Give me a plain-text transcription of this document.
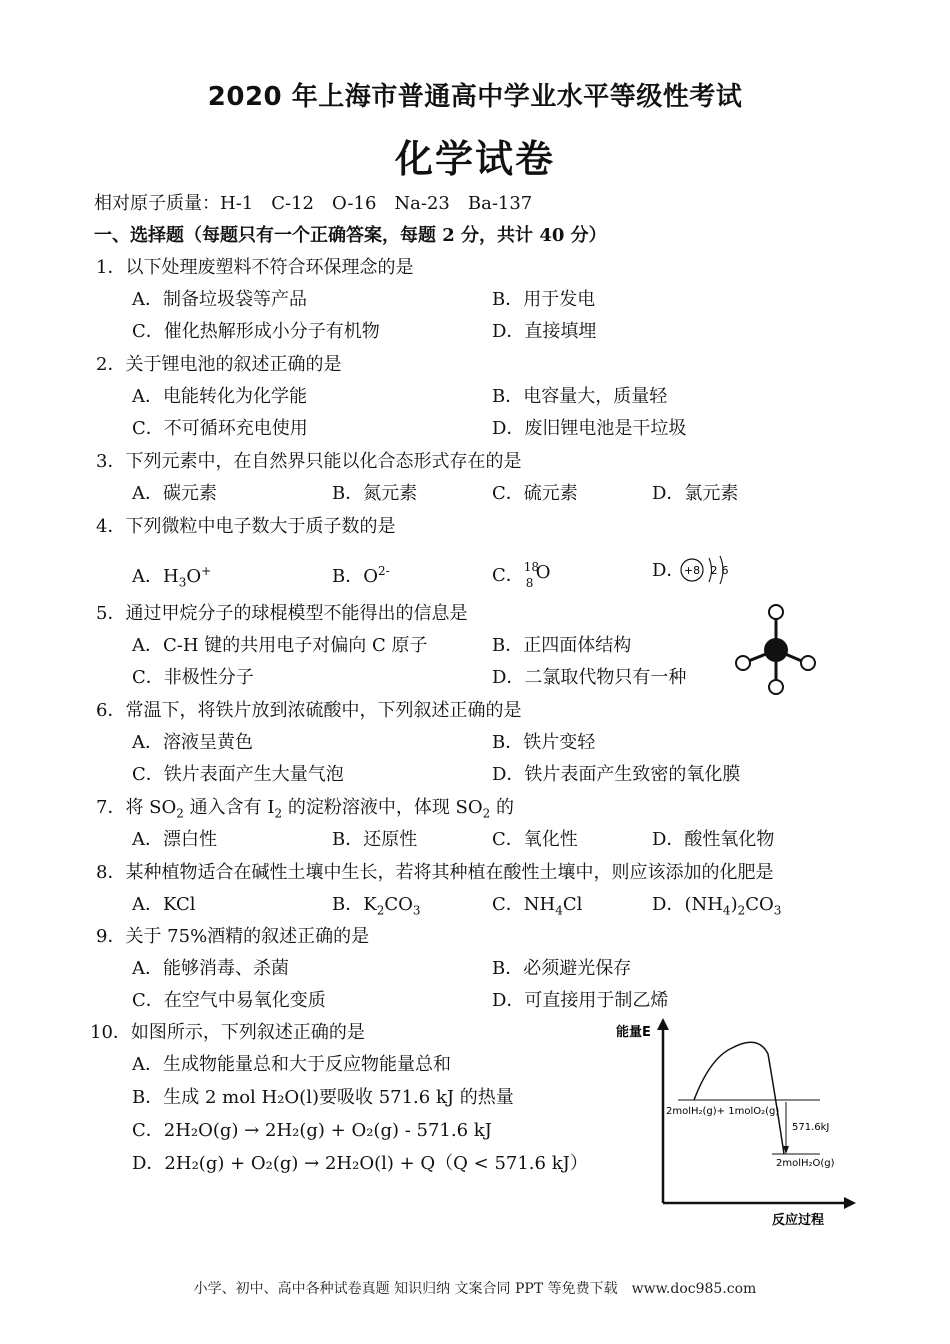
2020 年上海市普通高中学业水平等级性考试
化学试卷
相对原子质量：H-1　C-12　O-16　Na-23　Ba-137
一、选择题（每题只有一个正确答案，每题 2 分，共计 40 分）
1．以下处理废塑料不符合环保理念的是
A．制备垃圾袋等产品	B．用于发电
C．催化热解形成小分子有机物	D．直接填埋
2．关于锂电池的叙述正确的是
A．电能转化为化学能	B．电容量大，质量轻
C．不可循环充电使用	D．废旧锂电池是干垃圾
3．下列元素中，在自然界只能以化合态形式存在的是
A．碳元素	B．氮元素	C．硫元素	D．氯元素
4．下列微粒中电子数大于质子数的是
A．$H_3O^+$	B．$O^{2-}$	C． 18
8 O	D． +8 2 6
5．通过甲烷分子的球棍模型不能得出的信息是
A．C-H 键的共用电子对偏向 C 原子	B．正四面体结构
C．非极性分子	D．二氯取代物只有一种
6．常温下，将铁片放到浓硫酸中，下列叙述正确的是
A．溶液呈黄色	B．铁片变轻
C．铁片表面产生大量气泡	D．铁片表面产生致密的氧化膜
7．将 $SO_2$ 通入含有 $I_2$ 的淀粉溶液中，体现 $SO_2$ 的
A．漂白性	B．还原性	C．氧化性	D．酸性氧化物
8．某种植物适合在碱性土壤中生长，若将其种植在酸性土壤中，则应该添加的化肥是
A．KCl	B．$K_2CO_3$	C．$NH_4Cl$	D．$(NH_4)_2CO_3$
9．关于 75%酒精的叙述正确的是
A．能够消毒、杀菌	B．必须避光保存
C．在空气中易氧化变质	D．可直接用于制乙烯
10．如图所示，下列叙述正确的是
A．生成物能量总和大于反应物能量总和
B．生成 2 mol H₂O(l)要吸收 571.6 kJ 的热量
C．2H₂O(g) → 2H₂(g) + O₂(g) - 571.6 kJ
D．2H₂(g) + O₂(g) → 2H₂O(l) + Q（Q < 571.6 kJ）
能量E
反应过程
2molH₂(g)+ 1molO₂(g)
571.6kJ
2molH₂O(g)
小学、初中、高中各种试卷真题 知识归纳 文案合同 PPT 等免费下载　www.doc985.com
